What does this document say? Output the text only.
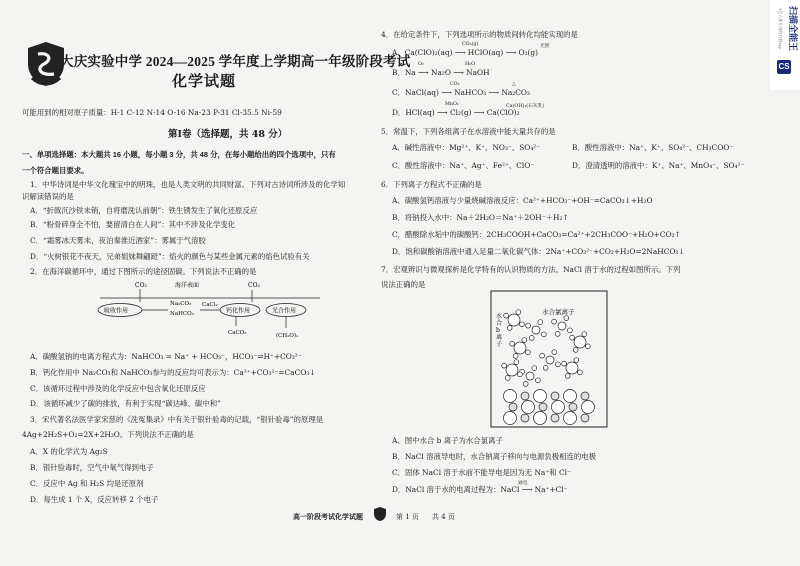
扫描全能王
3亿人都在用的扫描App
CS
大庆实验中学 2024—2025 学年度上学期高一年级阶段考试
化学试题
可能用到的相对原子质量：H-1 C-12 N-14 O-16 Na-23 P-31 Cl-35.5 Ni-59
第Ⅰ卷（选择题，共 48 分）
一、单项选择题：本大题共 16 小题，每小题 3 分，共 48 分，在每小题给出的四个选项中，只有
一个符合题目要求。
1．中华诗词是中华文化瑰宝中的明珠，也是人类文明的共同财富。下列对古诗词所涉及的化学知
识解读错误的是
A．“折戟沉沙铁未销，自将磨洗认前朝”：铁生锈发生了氧化还原反应
B．“粉骨碎身全不怕，要留清白在人间”：其中不涉及化学变化
C．“霜雾冰天雾未，夜泊秦淮近酒家”：雾属于气溶胶
D．“火树银花不夜天，兄弟姐妹舞翩跹”：焰火的颜色与某些金属元素的焰色试验有关
2．在海洋碳循环中，通过下图所示的途径固碳。下列说法不正确的是
CO₂	海洋表面	CO₂
吸收作用
Na₂CO₃
NaHCO₃
CaCl₂
钙化作用	光合作用
CaCO₃	(CH₂O)ₓ
A．碳酸氢钠的电离方程式为：NaHCO₃ = Na⁺ + HCO₃⁻，HCO₃⁻⇌H⁺+CO₃²⁻
B．钙化作用中 Na₂CO₃和 NaHCO₃参与的反应均可表示为：Ca²⁺+CO₃²⁻=CaCO₃↓
C．该循环过程中涉及的化学反应中包含氧化还原反应
D．该循环减少了碳的排放，有利于实现“碳达峰、碳中和”
3．宋代著名法医学家宋慈的《洗冤集录》中有关于银针验毒的记载，“银针验毒”的原理是
4Ag+2H₂S+O₂=2X+2H₂O。下列说法不正确的是
A．X 的化学式为 Ag₂S
B．银针验毒时，空气中氧气得到电子
C．反应中 Ag 和 H₂S 均是还原剂
D．每生成 1 个 X，反应转移 2 个电子
4．在给定条件下，下列选项所示的物质间转化均能实现的是
A．Ca(ClO)₂(aq) ⟶ HClO(aq) ⟶ O₂(g)
CO₂(g)	光照
B．Na ⟶ Na₂O ⟶ NaOH
O₂	H₂O
C．NaCl(aq) ⟶ NaHCO₃ ⟶ Na₂CO₃
CO₂	△
D．HCl(aq) ⟶ Cl₂(g) ⟶ Ca(ClO)₂
MnO₂	Ca(OH)₂(石灰乳)
5．常温下，下列各组离子在水溶液中能大量共存的是
A．碱性溶液中：Mg²⁺、K⁺、NO₃⁻、SO₄²⁻	B．酸性溶液中：Na⁺、K⁺、SO₄²⁻、CH₃COO⁻
C．酸性溶液中：Na⁺、Ag⁺、Fe²⁺、ClO⁻	D．澄清透明的溶液中：K⁺、Na⁺、MnO₄⁻、SO₄²⁻
6．下列离子方程式不正确的是
A．碳酸氢钙溶液与少量烧碱溶液反应：Ca²⁺+HCO₃⁻+OH⁻=CaCO₃↓+H₂O
B．将钠投入水中：Na＋2H₂O＝Na⁺＋2OH⁻＋H₂↑
C．醋酸除水垢中的碳酸钙：2CH₃COOH+CaCO₃=Ca²⁺+2CH₃COO⁻+H₂O+CO₂↑
D．饱和碳酸钠溶液中通入足量二氧化碳气体：2Na⁺+CO₃²⁻+CO₂+H₂O=2NaHCO₃↓
7．宏观辨识与微观探析是化学特有的认识物质的方法。NaCl 溶于水的过程如图所示。下列
说法正确的是
水合氯离子
水
合
b
离
子
A．图中水合 b 离子为水合氯离子
B．NaCl 溶液导电时，水合钠离子移向与电源负极相连的电极
C．固体 NaCl 溶于水前不能导电是因为无 Na⁺和 Cl⁻
D．NaCl 溶于水的电离过程为：NaCl ⟶ Na⁺+Cl⁻
通电
高一阶段考试化学试题	第 1 页 共 4 页
